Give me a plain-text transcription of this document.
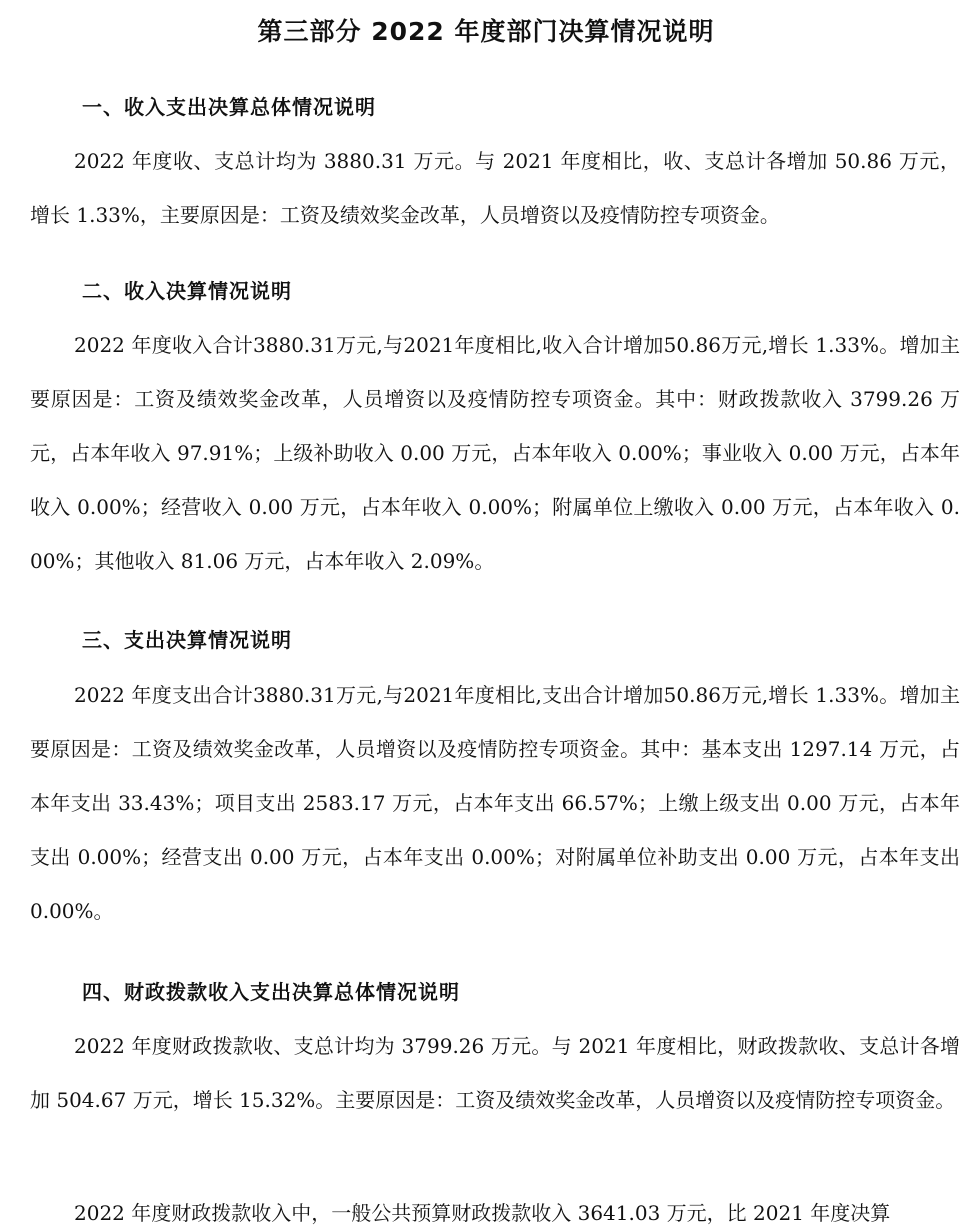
第三部分 2022 年度部门决算情况说明
一、收入支出决算总体情况说明

2022 年度收、支总计均为 3880.31 万元。与 2021 年度相比，收、支总计各增加 50.86 万元，增长 1.33%，主要原因是：工资及绩效奖金改革，人员增资以及疫情防控专项资金。

二、收入决算情况说明

2022 年度收入合计3880.31万元,与2021年度相比,收入合计增加50.86万元,增长 1.33%。增加主要原因是：工资及绩效奖金改革，人员增资以及疫情防控专项资金。其中：财政拨款收入 3799.26 万元，占本年收入 97.91%；上级补助收入 0.00 万元，占本年收入 0.00%；事业收入 0.00 万元，占本年收入 0.00%；经营收入 0.00 万元，占本年收入 0.00%；附属单位上缴收入 0.00 万元，占本年收入 0.00%；其他收入 81.06 万元，占本年收入 2.09%。

三、支出决算情况说明

2022 年度支出合计3880.31万元,与2021年度相比,支出合计增加50.86万元,增长 1.33%。增加主要原因是：工资及绩效奖金改革，人员增资以及疫情防控专项资金。其中：基本支出 1297.14 万元，占本年支出 33.43%；项目支出 2583.17 万元，占本年支出 66.57%；上缴上级支出 0.00 万元，占本年支出 0.00%；经营支出 0.00 万元，占本年支出 0.00%；对附属单位补助支出 0.00 万元，占本年支出 0.00%。

四、财政拨款收入支出决算总体情况说明

2022 年度财政拨款收、支总计均为 3799.26 万元。与 2021 年度相比，财政拨款收、支总计各增加 504.67 万元，增长 15.32%。主要原因是：工资及绩效奖金改革，人员增资以及疫情防控专项资金。

2022 年度财政拨款收入中，一般公共预算财政拨款收入 3641.03 万元，比 2021 年度决算
